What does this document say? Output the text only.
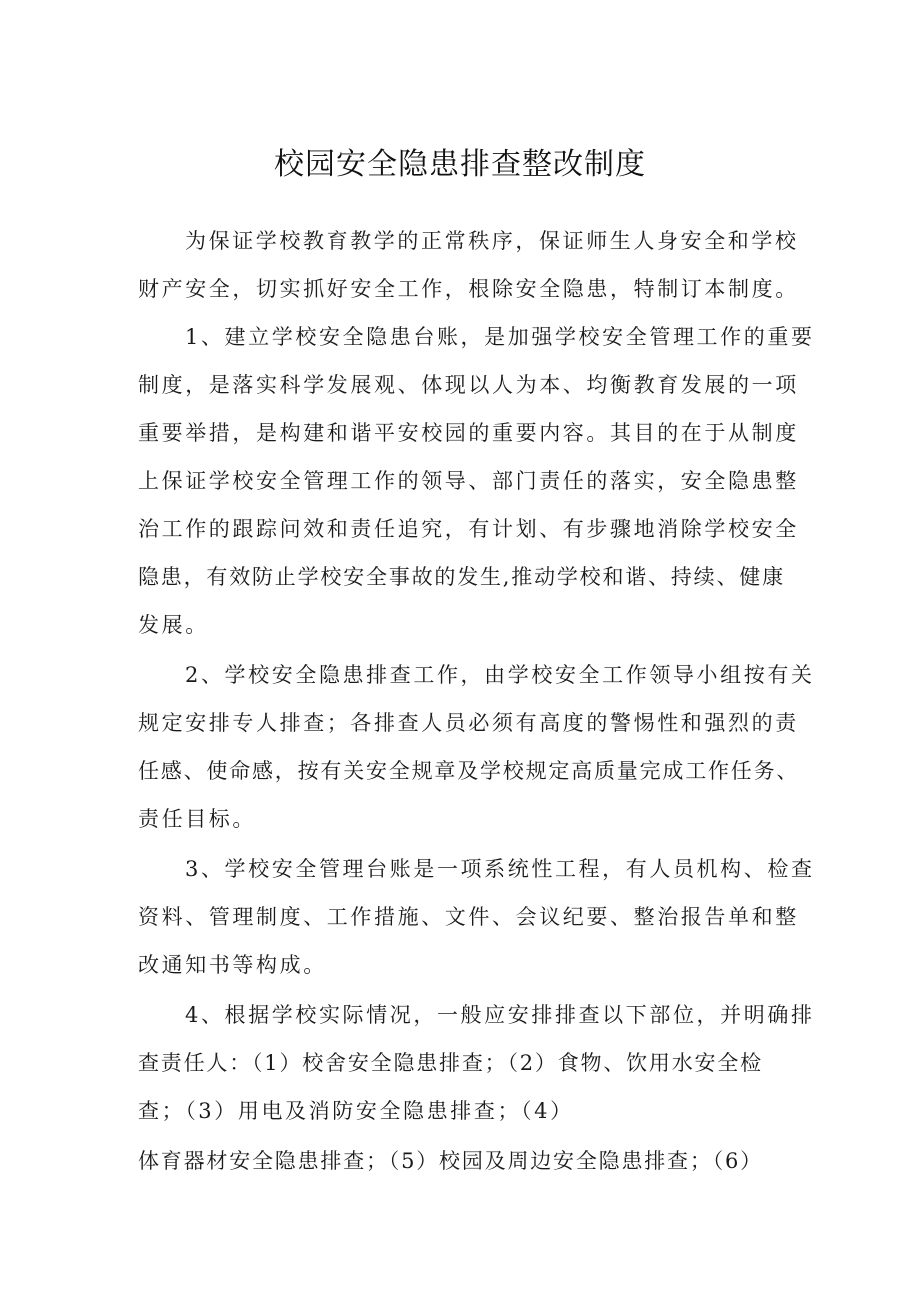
校园安全隐患排查整改制度
为保证学校教育教学的正常秩序，保证师生人身安全和学校
财产安全，切实抓好安全工作，根除安全隐患，特制订本制度。
1、建立学校安全隐患台账，是加强学校安全管理工作的重要
制度，是落实科学发展观、体现以人为本、均衡教育发展的一项
重要举措，是构建和谐平安校园的重要内容。其目的在于从制度
上保证学校安全管理工作的领导、部门责任的落实，安全隐患整
治工作的跟踪问效和责任追究，有计划、有步骤地消除学校安全
隐患，有效防止学校安全事故的发生,推动学校和谐、持续、健康
发展。
2、学校安全隐患排查工作，由学校安全工作领导小组按有关
规定安排专人排查；各排查人员必须有高度的警惕性和强烈的责
任感、使命感，按有关安全规章及学校规定高质量完成工作任务、
责任目标。
3、学校安全管理台账是一项系统性工程，有人员机构、检查
资料、管理制度、工作措施、文件、会议纪要、整治报告单和整
改通知书等构成。
4、根据学校实际情况，一般应安排排查以下部位，并明确排
查责任人：（1）校舍安全隐患排查；（2）食物、饮用水安全检
查；（3）用电及消防安全隐患排查；（4）
体育器材安全隐患排查；（5）校园及周边安全隐患排查；（6）
